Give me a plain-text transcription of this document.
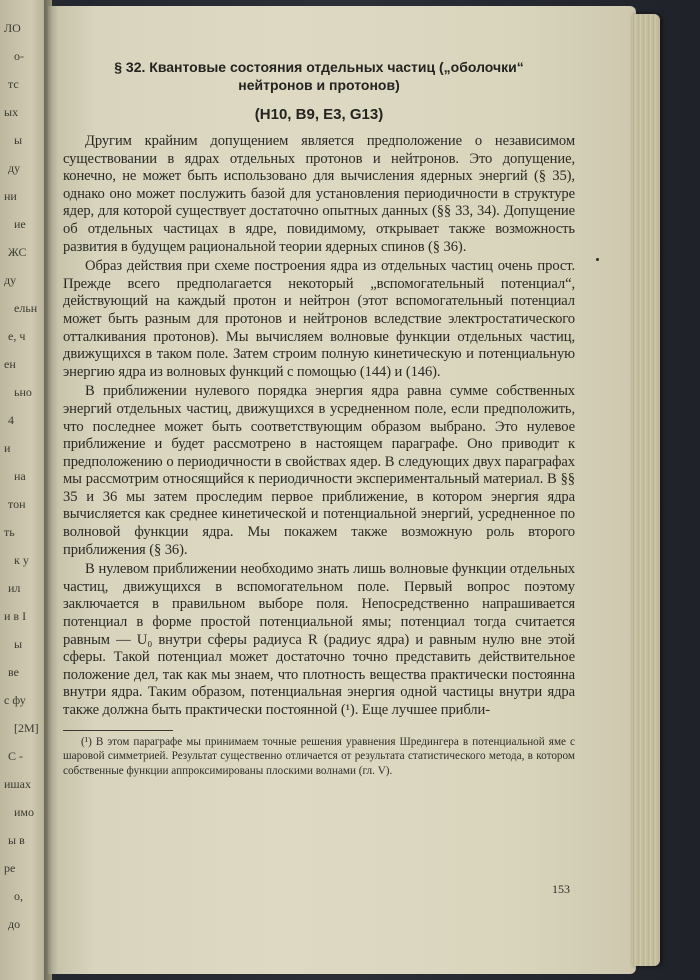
ЛО
о-
тс
ых
ы
ду
ни
ие
ЖС
ду
ельн
е, ч
ен
ьно
4
и
на
тон
ть
к у
ил
и в I
ы
ве
с фу
[2М]
С -
ишах
имо
ы в
ре
о,
до

§ 32. Квантовые состояния отдельных частиц („оболочки“
нейтронов и протонов)

(H10, B9, E3, G13)

Другим крайним допущением является предположение о независимом существовании в ядрах отдельных протонов и нейтронов. Это допущение, конечно, не может быть использовано для вычисления ядерных энергий (§ 35), однако оно может послужить базой для установления периодичности в структуре ядер, для которой существует достаточно опытных данных (§§ 33, 34). Допущение об отдельных частицах в ядре, повидимому, открывает также возможность развития в будущем рациональной теории ядерных спинов (§ 36).

Образ действия при схеме построения ядра из отдельных частиц очень прост. Прежде всего предполагается некоторый „вспомогательный потенциал“, действующий на каждый протон и нейтрон (этот вспомогательный потенциал может быть разным для протонов и нейтронов вследствие электростатического отталкивания протонов). Мы вычисляем волновые функции отдельных частиц, движущихся в таком поле. Затем строим полную кинетическую и потенциальную энергию ядра из волновых функций с помощью (144) и (146).

В приближении нулевого порядка энергия ядра равна сумме собственных энергий отдельных частиц, движущихся в усредненном поле, если предположить, что последнее может быть соответствующим образом выбрано. Это нулевое приближение и будет рассмотрено в настоящем параграфе. Оно приводит к предположению о периодичности в свойствах ядер. В следующих двух параграфах мы рассмотрим относящийся к периодичности экспериментальный материал. В §§ 35 и 36 мы затем проследим первое приближение, в котором энергия ядра вычисляется как среднее кинетической и потенциальной энергий, усредненное по волновой функции ядра. Мы покажем также возможную роль второго приближения (§ 36).

В нулевом приближении необходимо знать лишь волновые функции отдельных частиц, движущихся в вспомогательном поле. Первый вопрос поэтому заключается в правильном выборе поля. Непосредственно напрашивается потенциал в форме простой потенциальной ямы; потенциал тогда считается равным — U₀ внутри сферы радиуса R (радиус ядра) и равным нулю вне этой сферы. Такой потенциал может достаточно точно представить действительное положение дел, так как мы знаем, что плотность вещества практически постоянна внутри ядра. Таким образом, потенциальная энергия одной частицы внутри ядра также должна быть практически постоянной (¹). Еще лучшее прибли-

(¹) В этом параграфе мы принимаем точные решения уравнения Шредингера в потенциальной яме с шаровой симметрией. Результат существенно отличается от результата статистического метода, в котором собственные функции аппроксимированы плоскими волнами (гл. V).

153
